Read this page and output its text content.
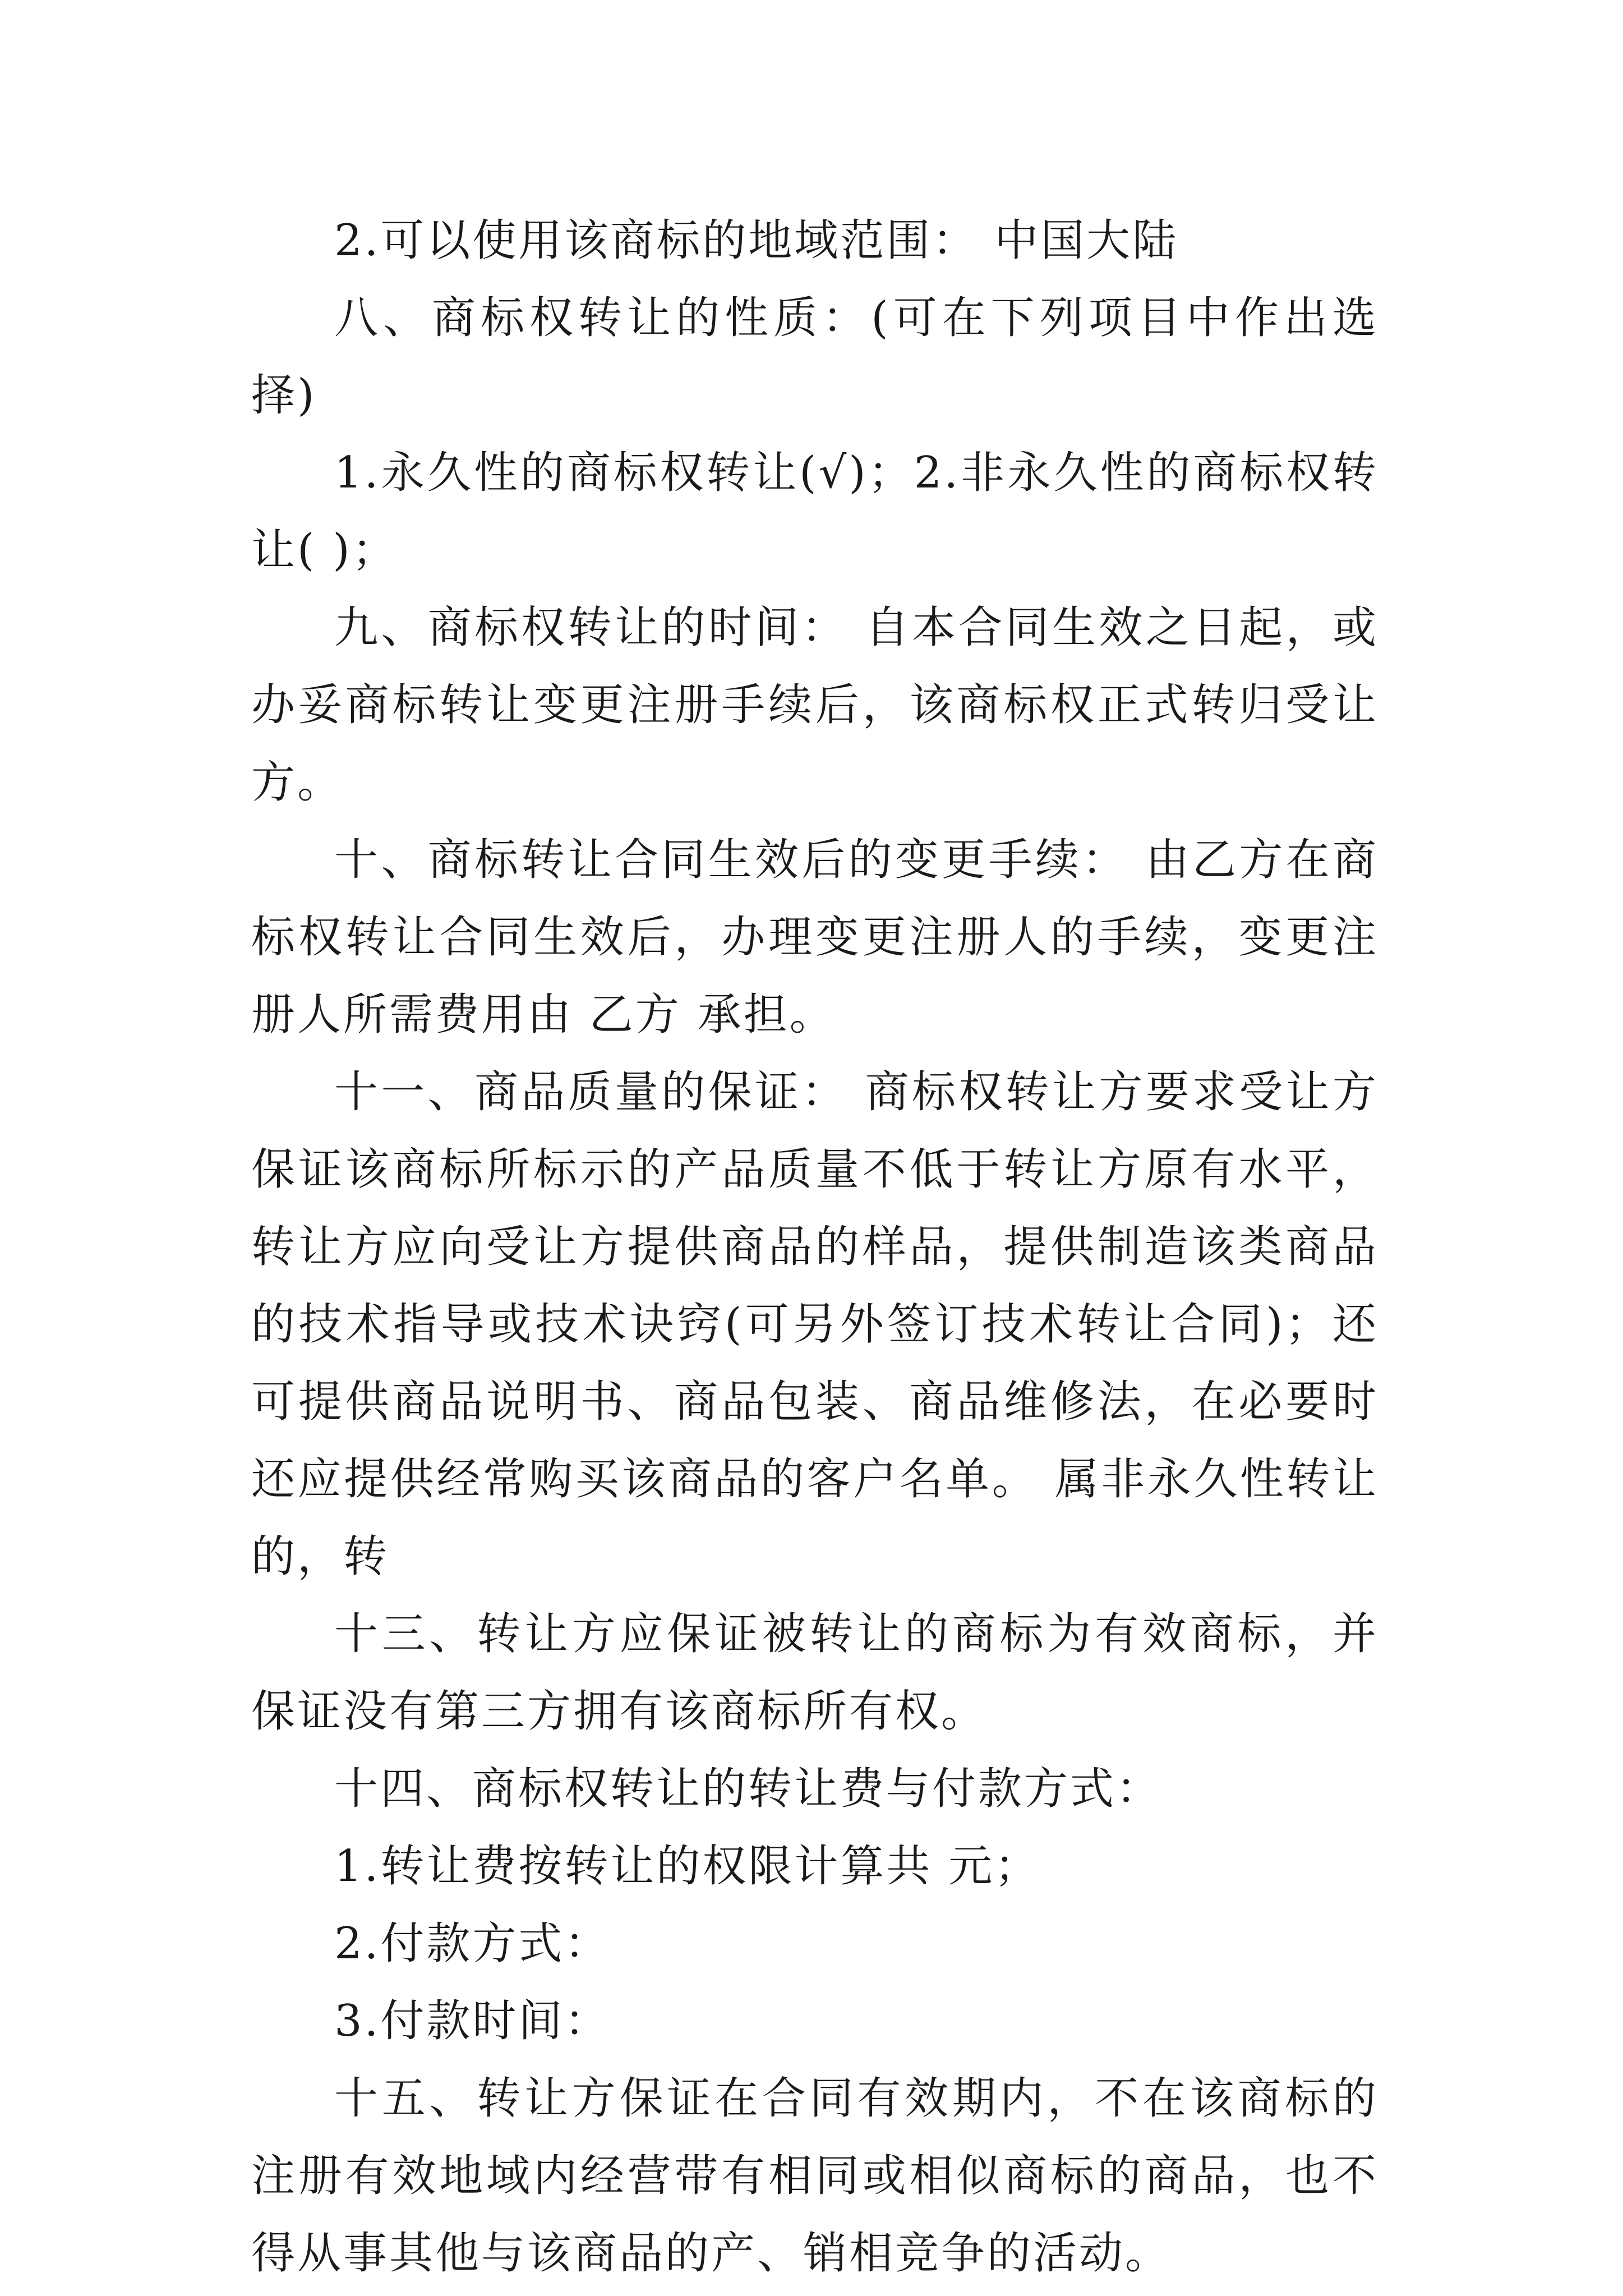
2.可以使用该商标的地域范围： 中国大陆

八、商标权转让的性质：(可在下列项目中作出选择)

1.永久性的商标权转让(√)；2.非永久性的商标权转让( )；

九、商标权转让的时间： 自本合同生效之日起，或办妥商标转让变更注册手续后，该商标权正式转归受让方。

十、商标转让合同生效后的变更手续： 由乙方在商标权转让合同生效后，办理变更注册人的手续，变更注册人所需费用由 乙方 承担。

十一、商品质量的保证： 商标权转让方要求受让方保证该商标所标示的产品质量不低于转让方原有水平，转让方应向受让方提供商品的样品，提供制造该类商品的技术指导或技术诀窍(可另外签订技术转让合同)；还可提供商品说明书、商品包装、商品维修法，在必要时还应提供经常购买该商品的客户名单。 属非永久性转让的，转

十三、转让方应保证被转让的商标为有效商标，并保证没有第三方拥有该商标所有权。

十四、商标权转让的转让费与付款方式：

1.转让费按转让的权限计算共 元；

2.付款方式：

3.付款时间：

十五、转让方保证在合同有效期内，不在该商标的注册有效地域内经营带有相同或相似商标的商品，也不得从事其他与该商品的产、销相竞争的活动。
